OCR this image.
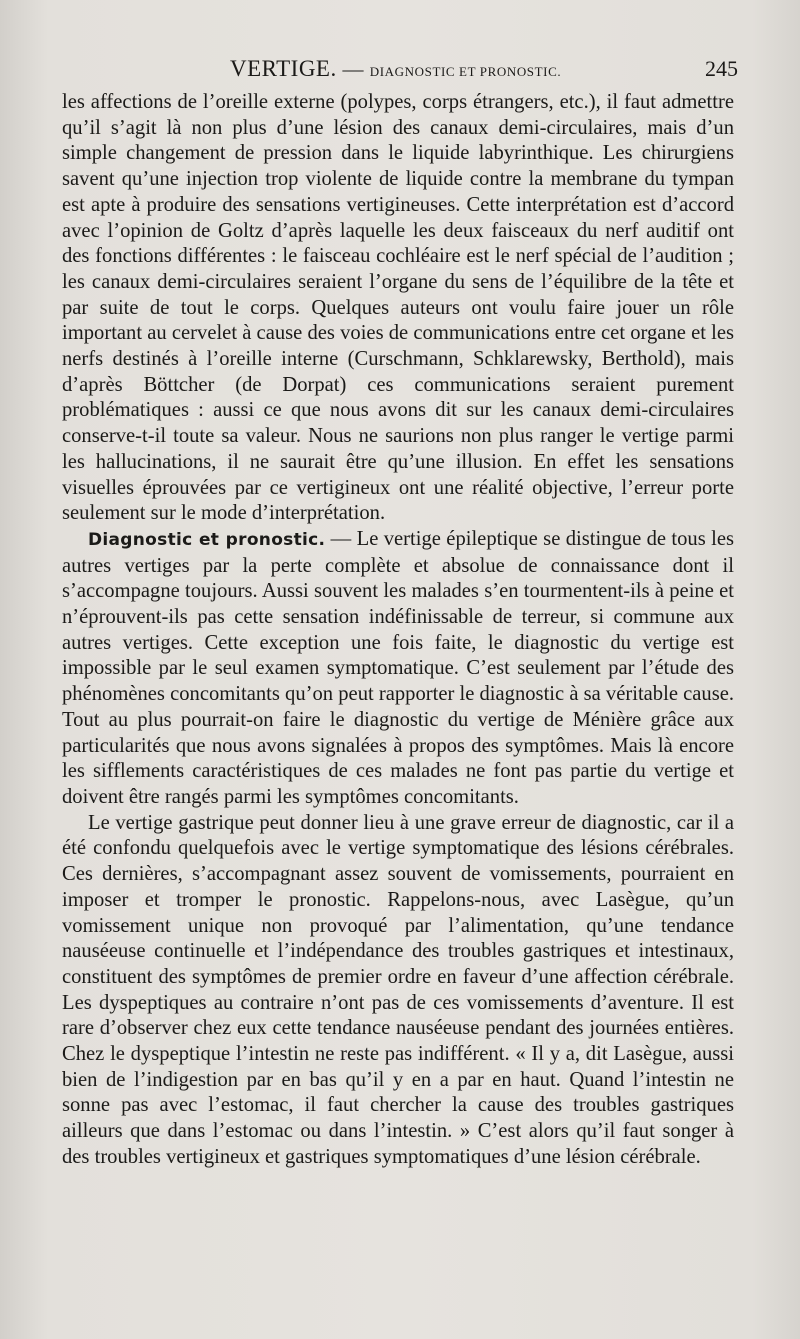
VERTIGE. — DIAGNOSTIC ET PRONOSTIC.	245

les affections de l’oreille externe (polypes, corps étrangers, etc.), il faut admettre qu’il s’agit là non plus d’une lésion des canaux demi-circulaires, mais d’un simple changement de pression dans le liquide labyrinthique. Les chirurgiens savent qu’une injection trop violente de liquide contre la membrane du tympan est apte à produire des sensations vertigineuses. Cette interprétation est d’accord avec l’opinion de Goltz d’après laquelle les deux faisceaux du nerf auditif ont des fonctions différentes : le faisceau cochléaire est le nerf spécial de l’audition ; les canaux demi-circulaires seraient l’organe du sens de l’équilibre de la tête et par suite de tout le corps. Quelques auteurs ont voulu faire jouer un rôle important au cervelet à cause des voies de communications entre cet organe et les nerfs destinés à l’oreille interne (Curschmann, Schklarewsky, Berthold), mais d’après Böttcher (de Dorpat) ces communications seraient purement problématiques : aussi ce que nous avons dit sur les canaux demi-circulaires conserve-t-il toute sa valeur. Nous ne saurions non plus ranger le vertige parmi les hallucinations, il ne saurait être qu’une illusion. En effet les sensations visuelles éprouvées par ce vertigineux ont une réalité objective, l’erreur porte seulement sur le mode d’interprétation.

Diagnostic et pronostic. — Le vertige épileptique se distingue de tous les autres vertiges par la perte complète et absolue de connaissance dont il s’accompagne toujours. Aussi souvent les malades s’en tourmentent-ils à peine et n’éprouvent-ils pas cette sensation indéfinissable de terreur, si commune aux autres vertiges. Cette exception une fois faite, le diagnostic du vertige est impossible par le seul examen symptomatique. C’est seulement par l’étude des phénomènes concomitants qu’on peut rapporter le diagnostic à sa véritable cause. Tout au plus pourrait-on faire le diagnostic du vertige de Ménière grâce aux particularités que nous avons signalées à propos des symptômes. Mais là encore les sifflements caractéristiques de ces malades ne font pas partie du vertige et doivent être rangés parmi les symptômes concomitants.

Le vertige gastrique peut donner lieu à une grave erreur de diagnostic, car il a été confondu quelquefois avec le vertige symptomatique des lésions cérébrales. Ces dernières, s’accompagnant assez souvent de vomissements, pourraient en imposer et tromper le pronostic. Rappelons-nous, avec Lasègue, qu’un vomissement unique non provoqué par l’alimentation, qu’une tendance nauséeuse continuelle et l’indépendance des troubles gastriques et intestinaux, constituent des symptômes de premier ordre en faveur d’une affection cérébrale. Les dyspeptiques au contraire n’ont pas de ces vomissements d’aventure. Il est rare d’observer chez eux cette tendance nauséeuse pendant des journées entières. Chez le dyspeptique l’intestin ne reste pas indifférent. « Il y a, dit Lasègue, aussi bien de l’indigestion par en bas qu’il y en a par en haut. Quand l’intestin ne sonne pas avec l’estomac, il faut chercher la cause des troubles gastriques ailleurs que dans l’estomac ou dans l’intestin. » C’est alors qu’il faut songer à des troubles vertigineux et gastriques symptomatiques d’une lésion cérébrale.
